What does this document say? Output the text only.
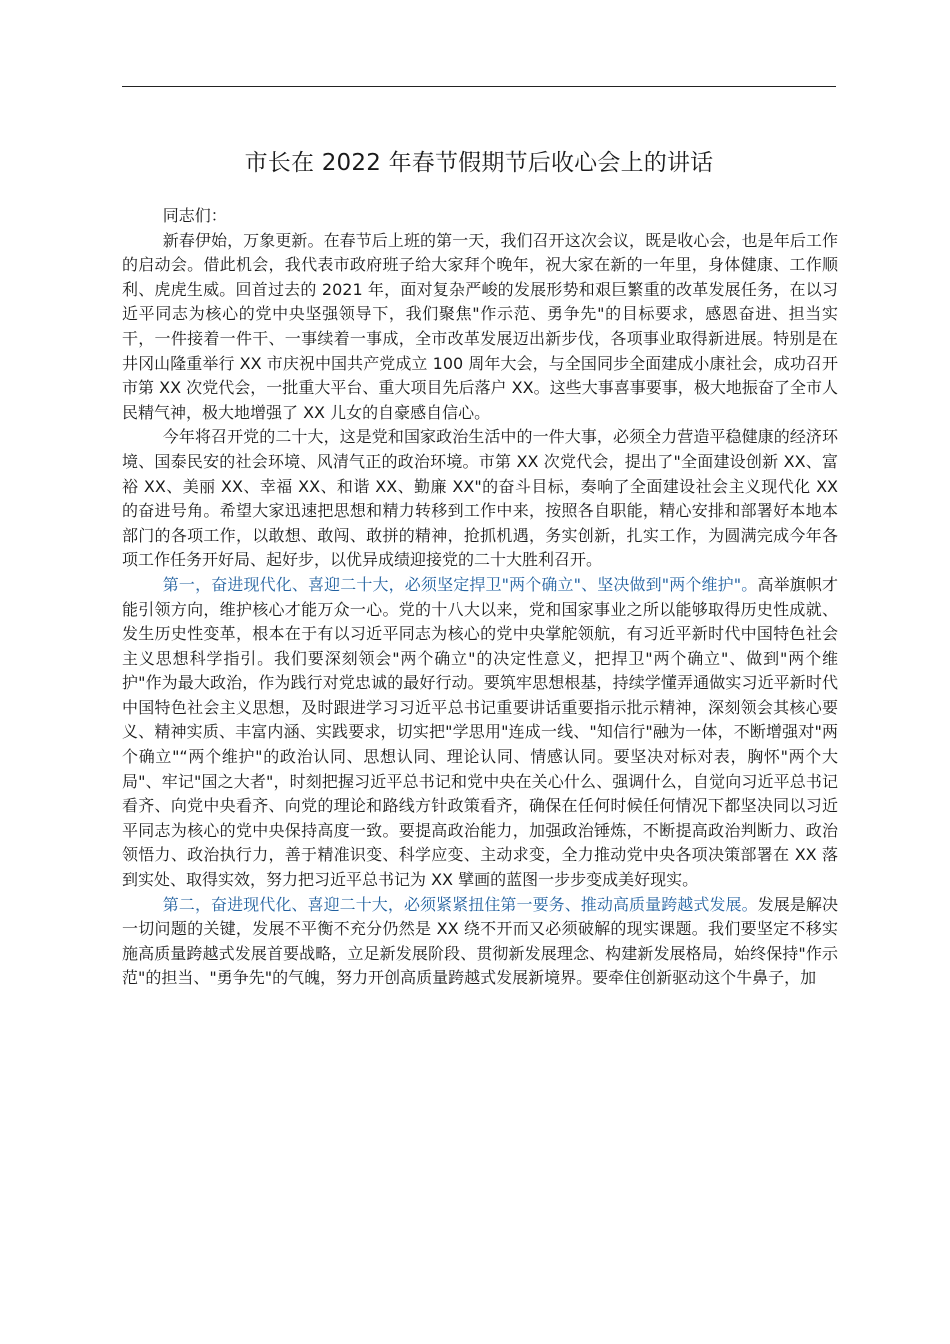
市长在 2022 年春节假期节后收心会上的讲话

同志们：

新春伊始，万象更新。在春节后上班的第一天，我们召开这次会议，既是收心会，也是年后工作的启动会。借此机会，我代表市政府班子给大家拜个晚年，祝大家在新的一年里，身体健康、工作顺利、虎虎生威。回首过去的 2021 年，面对复杂严峻的发展形势和艰巨繁重的改革发展任务，在以习近平同志为核心的党中央坚强领导下，我们聚焦"作示范、勇争先"的目标要求，感恩奋进、担当实干，一件接着一件干、一事续着一事成，全市改革发展迈出新步伐，各项事业取得新进展。特别是在井冈山隆重举行 XX 市庆祝中国共产党成立 100 周年大会，与全国同步全面建成小康社会，成功召开市第 XX 次党代会，一批重大平台、重大项目先后落户 XX。这些大事喜事要事，极大地振奋了全市人民精气神，极大地增强了 XX 儿女的自豪感自信心。

今年将召开党的二十大，这是党和国家政治生活中的一件大事，必须全力营造平稳健康的经济环境、国泰民安的社会环境、风清气正的政治环境。市第 XX 次党代会，提出了"全面建设创新 XX、富裕 XX、美丽 XX、幸福 XX、和谐 XX、勤廉 XX"的奋斗目标，奏响了全面建设社会主义现代化 XX 的奋进号角。希望大家迅速把思想和精力转移到工作中来，按照各自职能，精心安排和部署好本地本部门的各项工作，以敢想、敢闯、敢拼的精神，抢抓机遇，务实创新，扎实工作，为圆满完成今年各项工作任务开好局、起好步，以优异成绩迎接党的二十大胜利召开。

第一，奋进现代化、喜迎二十大，必须坚定捍卫"两个确立"、坚决做到"两个维护"。高举旗帜才能引领方向，维护核心才能万众一心。党的十八大以来，党和国家事业之所以能够取得历史性成就、发生历史性变革，根本在于有以习近平同志为核心的党中央掌舵领航，有习近平新时代中国特色社会主义思想科学指引。我们要深刻领会"两个确立"的决定性意义，把捍卫"两个确立"、做到"两个维护"作为最大政治，作为践行对党忠诚的最好行动。要筑牢思想根基，持续学懂弄通做实习近平新时代中国特色社会主义思想，及时跟进学习习近平总书记重要讲话重要指示批示精神，深刻领会其核心要义、精神实质、丰富内涵、实践要求，切实把"学思用"连成一线、"知信行"融为一体，不断增强对"两个确立"“两个维护"的政治认同、思想认同、理论认同、情感认同。要坚决对标对表，胸怀"两个大局"、牢记"国之大者"，时刻把握习近平总书记和党中央在关心什么、强调什么，自觉向习近平总书记看齐、向党中央看齐、向党的理论和路线方针政策看齐，确保在任何时候任何情况下都坚决同以习近平同志为核心的党中央保持高度一致。要提高政治能力，加强政治锤炼，不断提高政治判断力、政治领悟力、政治执行力，善于精准识变、科学应变、主动求变，全力推动党中央各项决策部署在 XX 落到实处、取得实效，努力把习近平总书记为 XX 擘画的蓝图一步步变成美好现实。

第二，奋进现代化、喜迎二十大，必须紧紧扭住第一要务、推动高质量跨越式发展。发展是解决一切问题的关键，发展不平衡不充分仍然是 XX 绕不开而又必须破解的现实课题。我们要坚定不移实施高质量跨越式发展首要战略，立足新发展阶段、贯彻新发展理念、构建新发展格局，始终保持"作示范"的担当、"勇争先"的气魄，努力开创高质量跨越式发展新境界。要牵住创新驱动这个牛鼻子，加
